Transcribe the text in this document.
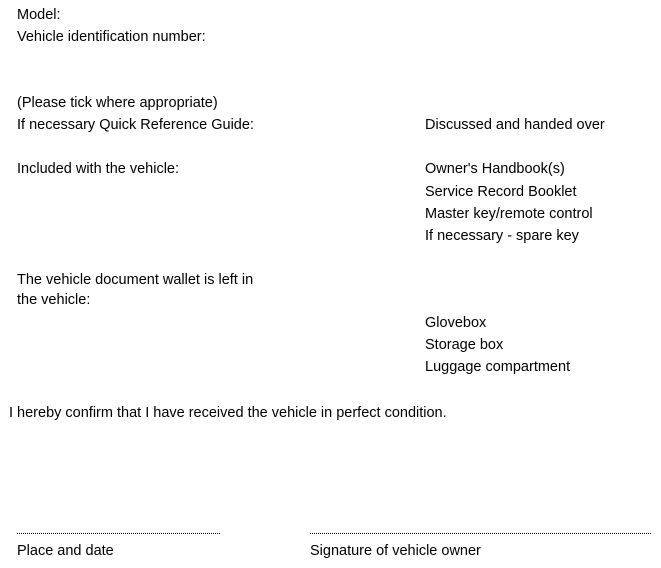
Model:
Vehicle identification number:
(Please tick where appropriate)
If necessary Quick Reference Guide:	Discussed and handed over
Included with the vehicle:	Owner's Handbook(s)
Service Record Booklet
Master key/remote control
If necessary - spare key
The vehicle document wallet is left in
the vehicle:
Glovebox
Storage box
Luggage compartment
I hereby confirm that I have received the vehicle in perfect condition.
Place and date	Signature of vehicle owner
